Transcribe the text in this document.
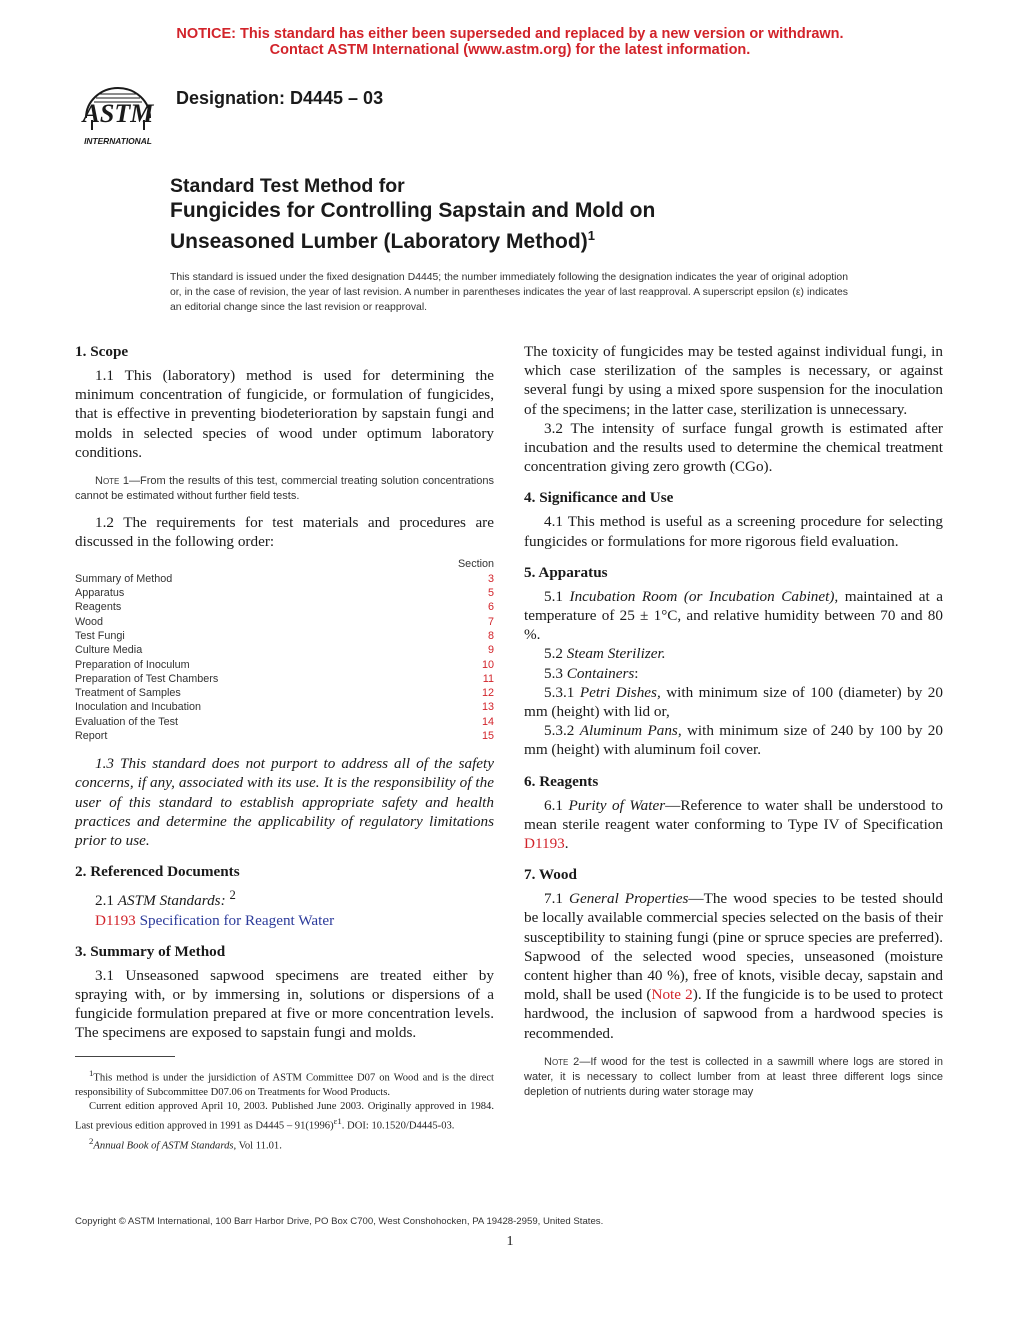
NOTICE: This standard has either been superseded and replaced by a new version or withdrawn.
Contact ASTM International (www.astm.org) for the latest information.
ASTM
INTERNATIONAL
Designation: D4445 – 03
Standard Test Method for
Fungicides for Controlling Sapstain and Mold on
Unseasoned Lumber (Laboratory Method)$^1$
This standard is issued under the fixed designation D4445; the number immediately following the designation indicates the year of original adoption or, in the case of revision, the year of last revision. A number in parentheses indicates the year of last reapproval. A superscript epsilon (ε) indicates an editorial change since the last revision or reapproval.
1. Scope

1.1 This (laboratory) method is used for determining the minimum concentration of fungicide, or formulation of fungicides, that is effective in preventing biodeterioration by sapstain fungi and molds in selected species of wood under optimum laboratory conditions.

Note 1—From the results of this test, commercial treating solution concentrations cannot be estimated without further field tests.

1.2 The requirements for test materials and procedures are discussed in the following order:

Section
Summary of Method	3
Apparatus	5
Reagents	6
Wood	7
Test Fungi	8
Culture Media	9
Preparation of Inoculum	10
Preparation of Test Chambers	11
Treatment of Samples	12
Inoculation and Incubation	13
Evaluation of the Test	14
Report	15

1.3 This standard does not purport to address all of the safety concerns, if any, associated with its use. It is the responsibility of the user of this standard to establish appropriate safety and health practices and determine the applicability of regulatory limitations prior to use.

2. Referenced Documents

2.1 ASTM Standards: $^2$

D1193 Specification for Reagent Water

3. Summary of Method

3.1 Unseasoned sapwood specimens are treated either by spraying with, or by immersing in, solutions or dispersions of a fungicide formulation prepared at five or more concentration levels. The specimens are exposed to sapstain fungi and molds.

$^1$This method is under the jursidiction of ASTM Committee D07 on Wood and is the direct responsibility of Subcommittee D07.06 on Treatments for Wood Products.

Current edition approved April 10, 2003. Published June 2003. Originally approved in 1984. Last previous edition approved in 1991 as $D4445 - 91(1996)^{\varepsilon 1}$. DOI: 10.1520/D4445-03.

$^2$Annual Book of ASTM Standards, Vol 11.01.

The toxicity of fungicides may be tested against individual fungi, in which case sterilization of the samples is necessary, or against several fungi by using a mixed spore suspension for the inoculation of the specimens; in the latter case, sterilization is unnecessary.

3.2 The intensity of surface fungal growth is estimated after incubation and the results used to determine the chemical treatment concentration giving zero growth (CGo).

4. Significance and Use

4.1 This method is useful as a screening procedure for selecting fungicides or formulations for more rigorous field evaluation.

5. Apparatus

5.1 Incubation Room (or Incubation Cabinet), maintained at a temperature of 25 ± 1°C, and relative humidity between 70 and 80 %.

5.2 Steam Sterilizer.

5.3 Containers:

5.3.1 Petri Dishes, with minimum size of 100 (diameter) by 20 mm (height) with lid or,

5.3.2 Aluminum Pans, with minimum size of 240 by 100 by 20 mm (height) with aluminum foil cover.

6. Reagents

6.1 Purity of Water—Reference to water shall be understood to mean sterile reagent water conforming to Type IV of Specification D1193.

7. Wood

7.1 General Properties—The wood species to be tested should be locally available commercial species selected on the basis of their susceptibility to staining fungi (pine or spruce species are preferred). Sapwood of the selected wood species, unseasoned (moisture content higher than 40 %), free of knots, visible decay, sapstain and mold, shall be used (Note 2). If the fungicide is to be used to protect hardwood, the inclusion of sapwood from a hardwood species is recommended.

Note 2—If wood for the test is collected in a sawmill where logs are stored in water, it is necessary to collect lumber from at least three different logs since depletion of nutrients during water storage may

Copyright © ASTM International, 100 Barr Harbor Drive, PO Box C700, West Conshohocken, PA 19428-2959, United States.
1
